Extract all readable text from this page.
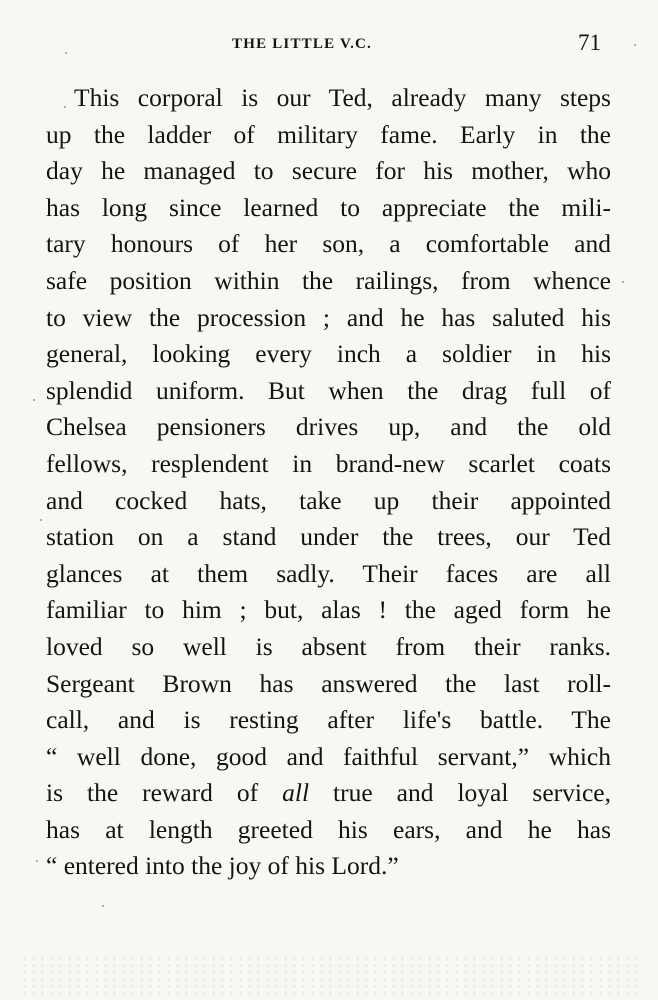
THE LITTLE V.C.	71
This corporal is our Ted, already many steps
up the ladder of military fame. Early in the
day he managed to secure for his mother, who
has long since learned to appreciate the mili-
tary honours of her son, a comfortable and
safe position within the railings, from whence
to view the procession ; and he has saluted his
general, looking every inch a soldier in his
splendid uniform. But when the drag full of
Chelsea pensioners drives up, and the old
fellows, resplendent in brand-new scarlet coats
and cocked hats, take up their appointed
station on a stand under the trees, our Ted
glances at them sadly. Their faces are all
familiar to him ; but, alas ! the aged form he
loved so well is absent from their ranks.
Sergeant Brown has answered the last roll-
call, and is resting after life's battle. The
“ well done, good and faithful servant,” which
is the reward of all true and loyal service,
has at length greeted his ears, and he has
“ entered into the joy of his Lord.”
